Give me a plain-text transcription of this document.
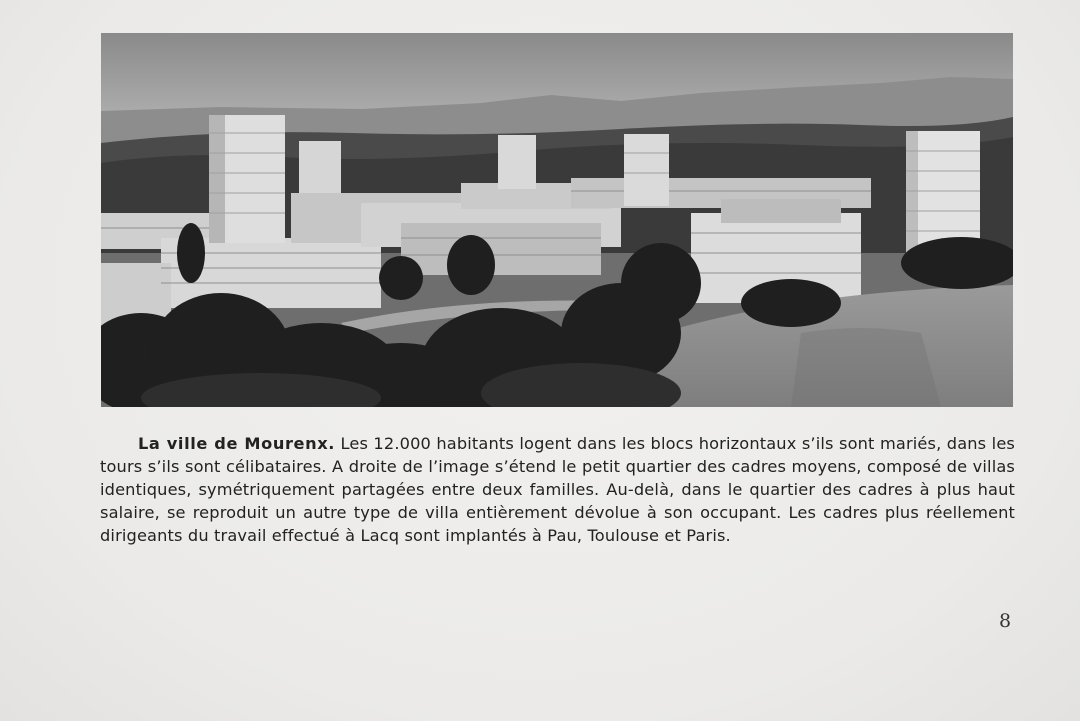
La ville de Mourenx. Les 12.000 habitants logent dans les blocs horizontaux s’ils sont mariés, dans les tours s’ils sont célibataires. A droite de l’image s’étend le petit quartier des cadres moyens, composé de villas identiques, symétriquement partagées entre deux familles. Au-delà, dans le quartier des cadres à plus haut salaire, se reproduit un autre type de villa entièrement dévolue à son occupant. Les cadres plus réellement dirigeants du travail effectué à Lacq sont implantés à Pau, Toulouse et Paris.
8
